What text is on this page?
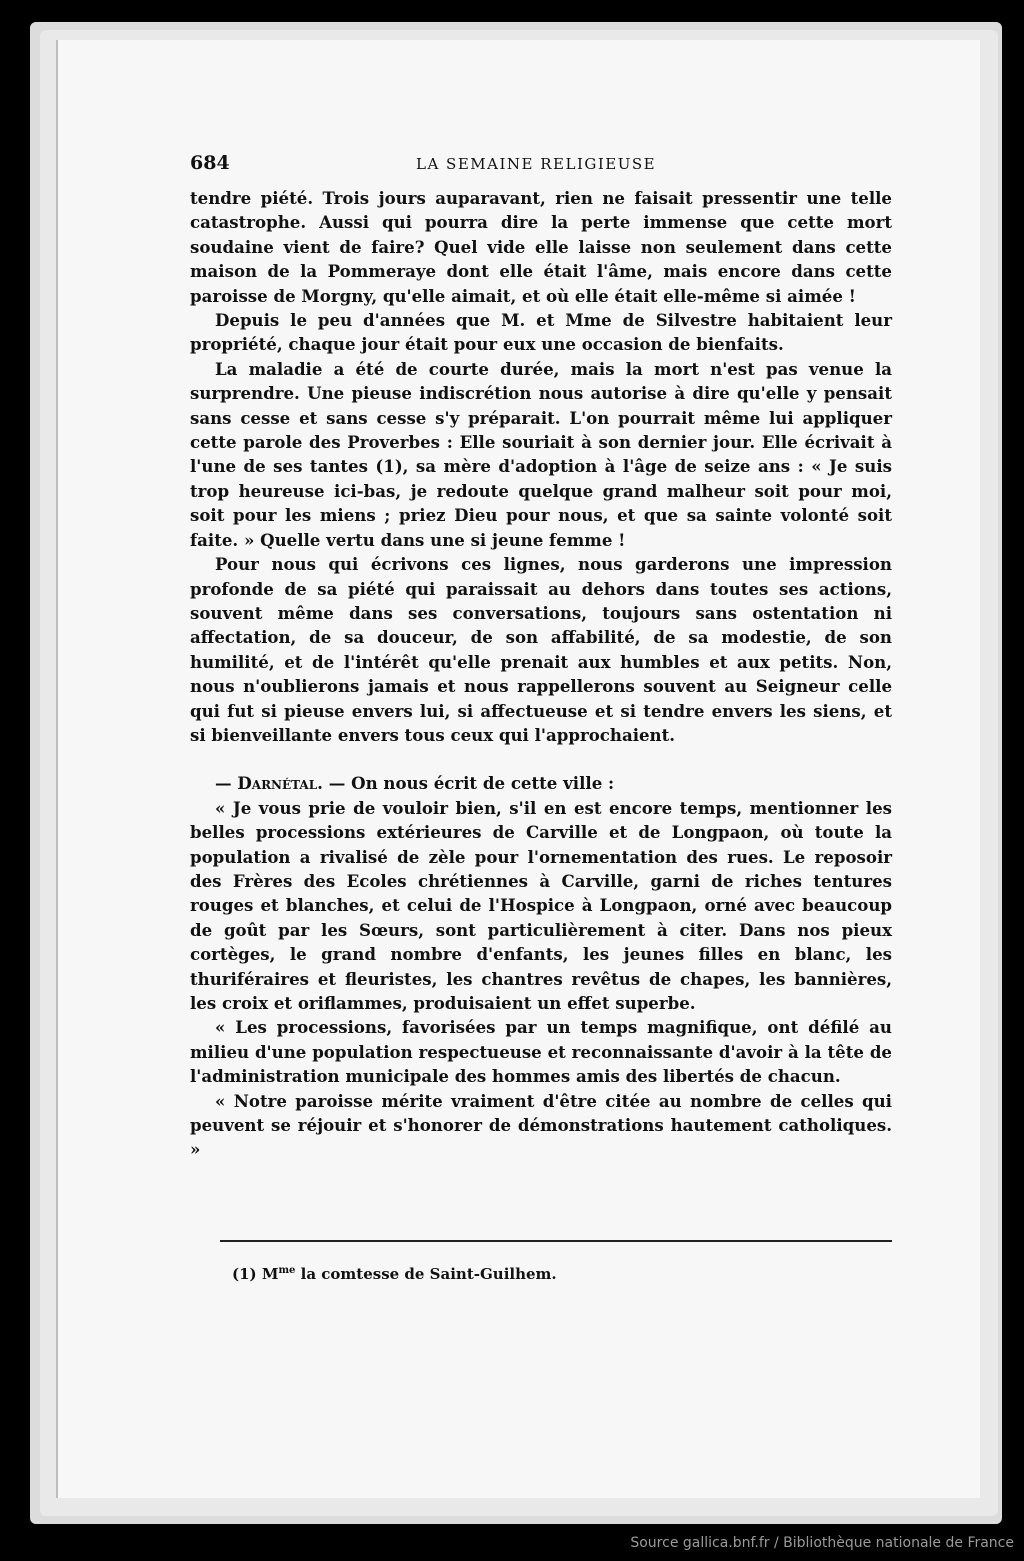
684	LA SEMAINE RELIGIEUSE

tendre piété. Trois jours auparavant, rien ne faisait pressentir une telle catastrophe. Aussi qui pourra dire la perte immense que cette mort soudaine vient de faire? Quel vide elle laisse non seulement dans cette maison de la Pommeraye dont elle était l'âme, mais encore dans cette paroisse de Morgny, qu'elle aimait, et où elle était elle-même si aimée !

Depuis le peu d'années que M. et Mme de Silvestre habitaient leur propriété, chaque jour était pour eux une occasion de bienfaits.

La maladie a été de courte durée, mais la mort n'est pas venue la surprendre. Une pieuse indiscrétion nous autorise à dire qu'elle y pensait sans cesse et sans cesse s'y préparait. L'on pourrait même lui appliquer cette parole des Proverbes : Elle souriait à son dernier jour. Elle écrivait à l'une de ses tantes (1), sa mère d'adoption à l'âge de seize ans : « Je suis trop heureuse ici-bas, je redoute quelque grand malheur soit pour moi, soit pour les miens ; priez Dieu pour nous, et que sa sainte volonté soit faite. » Quelle vertu dans une si jeune femme !

Pour nous qui écrivons ces lignes, nous garderons une impression profonde de sa piété qui paraissait au dehors dans toutes ses actions, souvent même dans ses conversations, toujours sans ostentation ni affectation, de sa douceur, de son affabilité, de sa modestie, de son humilité, et de l'intérêt qu'elle prenait aux humbles et aux petits. Non, nous n'oublierons jamais et nous rappellerons souvent au Seigneur celle qui fut si pieuse envers lui, si affectueuse et si tendre envers les siens, et si bienveillante envers tous ceux qui l'approchaient.

— Darnétal. — On nous écrit de cette ville :

« Je vous prie de vouloir bien, s'il en est encore temps, mentionner les belles processions extérieures de Carville et de Longpaon, où toute la population a rivalisé de zèle pour l'ornementation des rues. Le reposoir des Frères des Ecoles chrétiennes à Carville, garni de riches tentures rouges et blanches, et celui de l'Hospice à Longpaon, orné avec beaucoup de goût par les Sœurs, sont particulièrement à citer. Dans nos pieux cortèges, le grand nombre d'enfants, les jeunes filles en blanc, les thuriféraires et fleuristes, les chantres revêtus de chapes, les bannières, les croix et oriflammes, produisaient un effet superbe.

« Les processions, favorisées par un temps magnifique, ont défilé au milieu d'une population respectueuse et reconnaissante d'avoir à la tête de l'administration municipale des hommes amis des libertés de chacun.

« Notre paroisse mérite vraiment d'être citée au nombre de celles qui peuvent se réjouir et s'honorer de démonstrations hautement catholiques. »

(1) $M^{me}$ la comtesse de Saint-Guilhem.
Source gallica.bnf.fr / Bibliothèque nationale de France
